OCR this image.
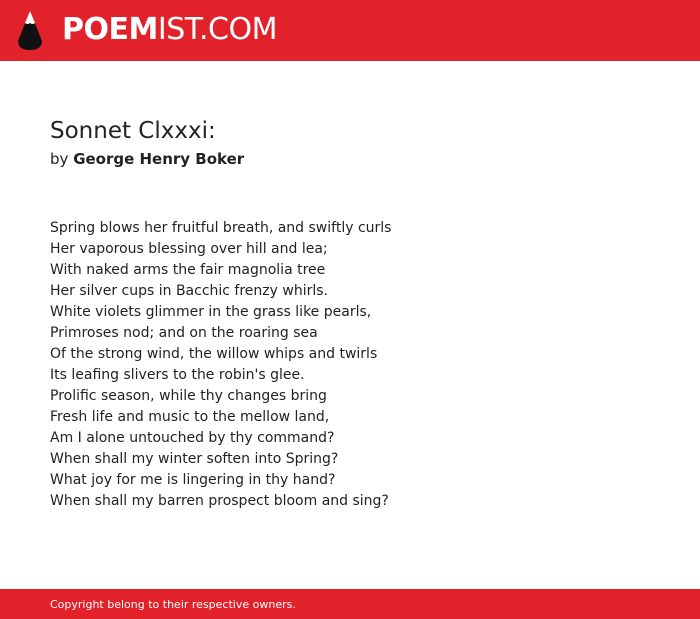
POEMIST.COM
Sonnet Clxxxi:
by George Henry Boker
Spring blows her fruitful breath, and swiftly curls
Her vaporous blessing over hill and lea;
With naked arms the fair magnolia tree
Her silver cups in Bacchic frenzy whirls.
White violets glimmer in the grass like pearls,
Primroses nod; and on the roaring sea
Of the strong wind, the willow whips and twirls
Its leafing slivers to the robin's glee.
Prolific season, while thy changes bring
Fresh life and music to the mellow land,
Am I alone untouched by thy command?
When shall my winter soften into Spring?
What joy for me is lingering in thy hand?
When shall my barren prospect bloom and sing?
Copyright belong to their respective owners.
